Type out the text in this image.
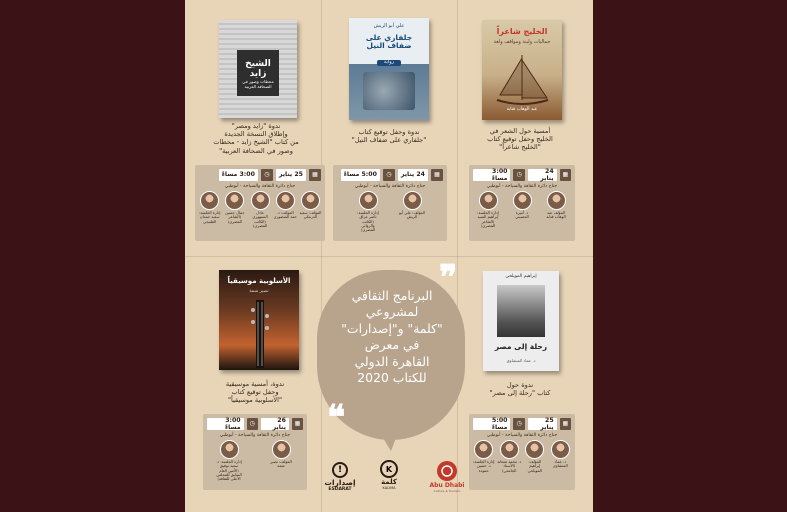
الخليج شاعراً
جماليات ولبنة ومواقف ولغة
عبد الوهاب قتابة
أمسية حول الشعر في
الخليج وحفل توقيع كتاب
"الخليج شاعراً"
▦
24 يناير
◷
3:00 مساءً
جناح دائرة الثقافة والسياحة - أبوظبي
المؤلف عبد الوهاب قتابة
د. أميرة الحسيني
إدارة الجلسة: إبراهيم السيد (الشاعر المصري)
علي أبو الريش
جلفاري على ضفاف النيل
رواية
ندوة وحفل توقيع كتاب
"جلفاري على ضفاف النيل"
▦
24 يناير
◷
5:00 مساءً
جناح دائرة الثقافة والسياحة - أبوظبي
المؤلف: علي أبو الريش
إدارة الجلسة: ناصر عراق (الكاتب والروائي المصري)
الشيخ زايد
محطات وصور في الصحافة العربية
ندوة "زايد ومصر"
وإطلاق النسخة الجديدة
من كتاب "الشيخ زايد - محطات
وصور في الصحافة العربية"
▦
25 يناير
◷
3:00 مساءً
جناح دائرة الثقافة والسياحة - أبوظبي
المؤلف: سعيد الدرمكي
المؤلف: د. حمد المنصوري
عادل السنهوري (الكاتب المصري)
جمال حسين (الشاعر المصري)
إدارة الجلسة: سعيد حمدان الطنيجي
إبراهيم المويلحي
رحلة إلى مصر
د. عماد المنشاوي
ندوة حول
كتاب "رحلة إلى مصر"
▦
25 يناير
◷
5:00 مساءً
جناح دائرة الثقافة والسياحة - أبوظبي
د. عماد المنشاوي
المؤلف: إبراهيم المويلحي
د. محمد شحاتة (الأستاذ الجامعي)
إدارة الجلسة: د. حسين حمودة
الأسلوبية موسيقياً
نصير شمة
ندوة، أمسية موسيقية
وحفل توقيع كتاب
"الأسلوبية موسيقياً"
▦
26 يناير
◷
3:00 مساءً
جناح دائرة الثقافة والسياحة - أبوظبي
المؤلف: نصير شمة
إدارة الجلسة: د. سعيد توفيق (الأمين العام السابق للمجلس الأعلى للثقافة)
❞
❝
البرنامج الثقافي
لمشروعي
"كلمة" و"إصدارات"
في معرض
القاهرة الدولي
للكتاب 2020
Abu Dhabi
Culture & Tourism
K
كلمة
KALIMA
!
إصدارات
ESDARAT
